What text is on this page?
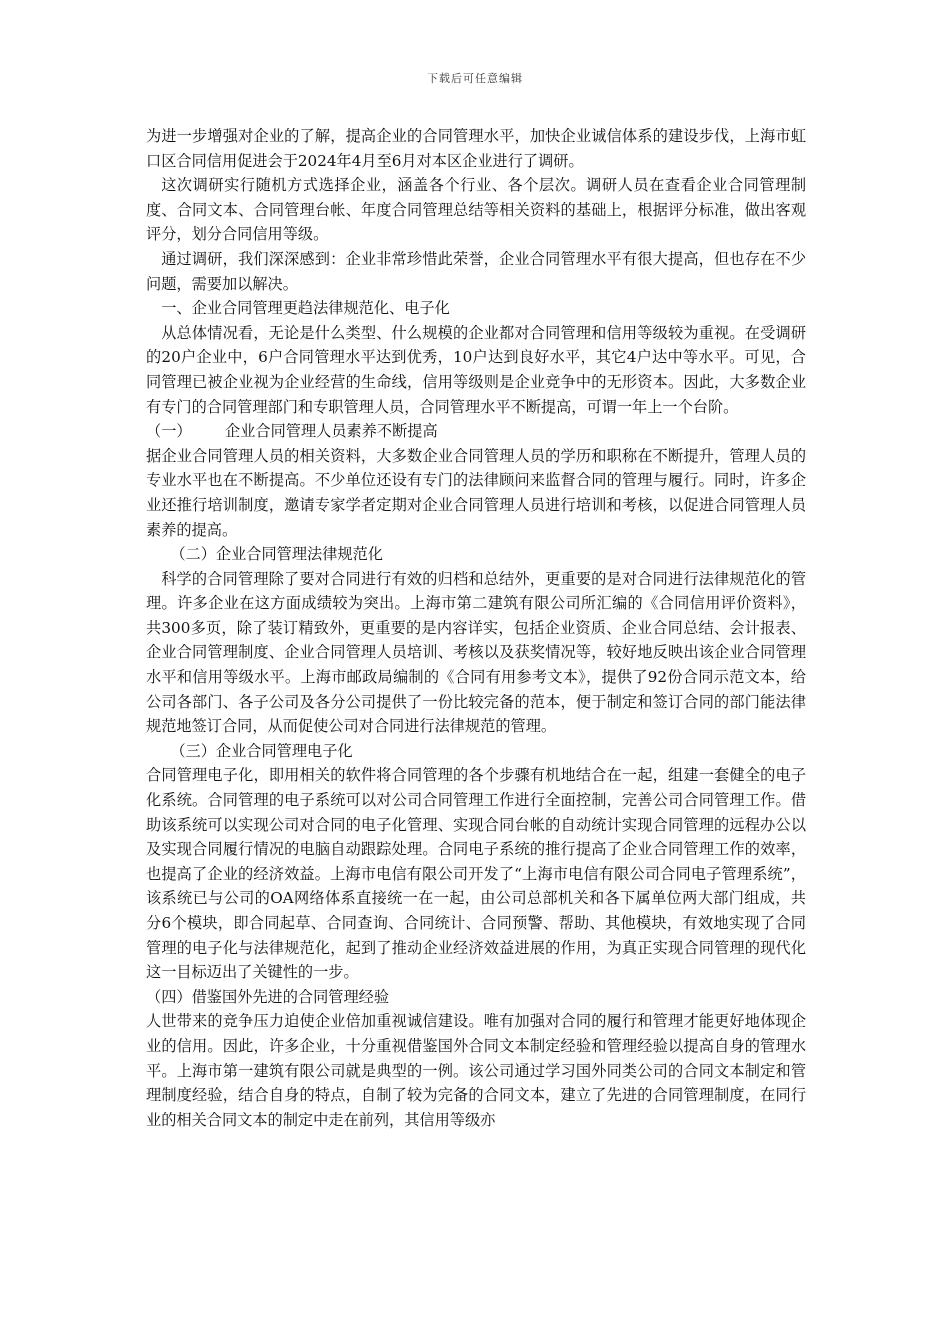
下载后可任意编辑

为进一步增强对企业的了解，提高企业的合同管理水平，加快企业诚信体系的建设步伐，上海市虹口区合同信用促进会于2024年4月至6月对本区企业进行了调研。

这次调研实行随机方式选择企业，涵盖各个行业、各个层次。调研人员在查看企业合同管理制度、合同文本、合同管理台帐、年度合同管理总结等相关资料的基础上，根据评分标准，做出客观评分，划分合同信用等级。

通过调研，我们深深感到：企业非常珍惜此荣誉，企业合同管理水平有很大提高，但也存在不少问题，需要加以解决。

一、企业合同管理更趋法律规范化、电子化

从总体情况看，无论是什么类型、什么规模的企业都对合同管理和信用等级较为重视。在受调研的20户企业中，6户合同管理水平达到优秀，10户达到良好水平，其它4户达中等水平。可见，合同管理已被企业视为企业经营的生命线，信用等级则是企业竞争中的无形资本。因此，大多数企业有专门的合同管理部门和专职管理人员，合同管理水平不断提高，可谓一年上一个台阶。

（一） 企业合同管理人员素养不断提高

据企业合同管理人员的相关资料，大多数企业合同管理人员的学历和职称在不断提升，管理人员的专业水平也在不断提高。不少单位还设有专门的法律顾问来监督合同的管理与履行。同时，许多企业还推行培训制度，邀请专家学者定期对企业合同管理人员进行培训和考核，以促进合同管理人员素养的提高。

（二）企业合同管理法律规范化

科学的合同管理除了要对合同进行有效的归档和总结外，更重要的是对合同进行法律规范化的管理。许多企业在这方面成绩较为突出。上海市第二建筑有限公司所汇编的《合同信用评价资料》，共300多页，除了装订精致外，更重要的是内容详实，包括企业资质、企业合同总结、会计报表、企业合同管理制度、企业合同管理人员培训、考核以及获奖情况等，较好地反映出该企业合同管理水平和信用等级水平。上海市邮政局编制的《合同有用参考文本》，提供了92份合同示范文本，给公司各部门、各子公司及各分公司提供了一份比较完备的范本，便于制定和签订合同的部门能法律规范地签订合同，从而促使公司对合同进行法律规范的管理。

（三）企业合同管理电子化

合同管理电子化，即用相关的软件将合同管理的各个步骤有机地结合在一起，组建一套健全的电子化系统。合同管理的电子系统可以对公司合同管理工作进行全面控制，完善公司合同管理工作。借助该系统可以实现公司对合同的电子化管理、实现合同台帐的自动统计实现合同管理的远程办公以及实现合同履行情况的电脑自动跟踪处理。合同电子系统的推行提高了企业合同管理工作的效率，也提高了企业的经济效益。上海市电信有限公司开发了“上海市电信有限公司合同电子管理系统”，该系统已与公司的OA网络体系直接统一在一起，由公司总部机关和各下属单位两大部门组成，共分6个模块，即合同起草、合同查询、合同统计、合同预警、帮助、其他模块，有效地实现了合同管理的电子化与法律规范化，起到了推动企业经济效益进展的作用，为真正实现合同管理的现代化这一目标迈出了关键性的一步。

（四）借鉴国外先进的合同管理经验

人世带来的竞争压力迫使企业倍加重视诚信建设。唯有加强对合同的履行和管理才能更好地体现企业的信用。因此，许多企业，十分重视借鉴国外合同文本制定经验和管理经验以提高自身的管理水平。上海市第一建筑有限公司就是典型的一例。该公司通过学习国外同类公司的合同文本制定和管理制度经验，结合自身的特点，自制了较为完备的合同文本，建立了先进的合同管理制度，在同行业的相关合同文本的制定中走在前列，其信用等级亦
